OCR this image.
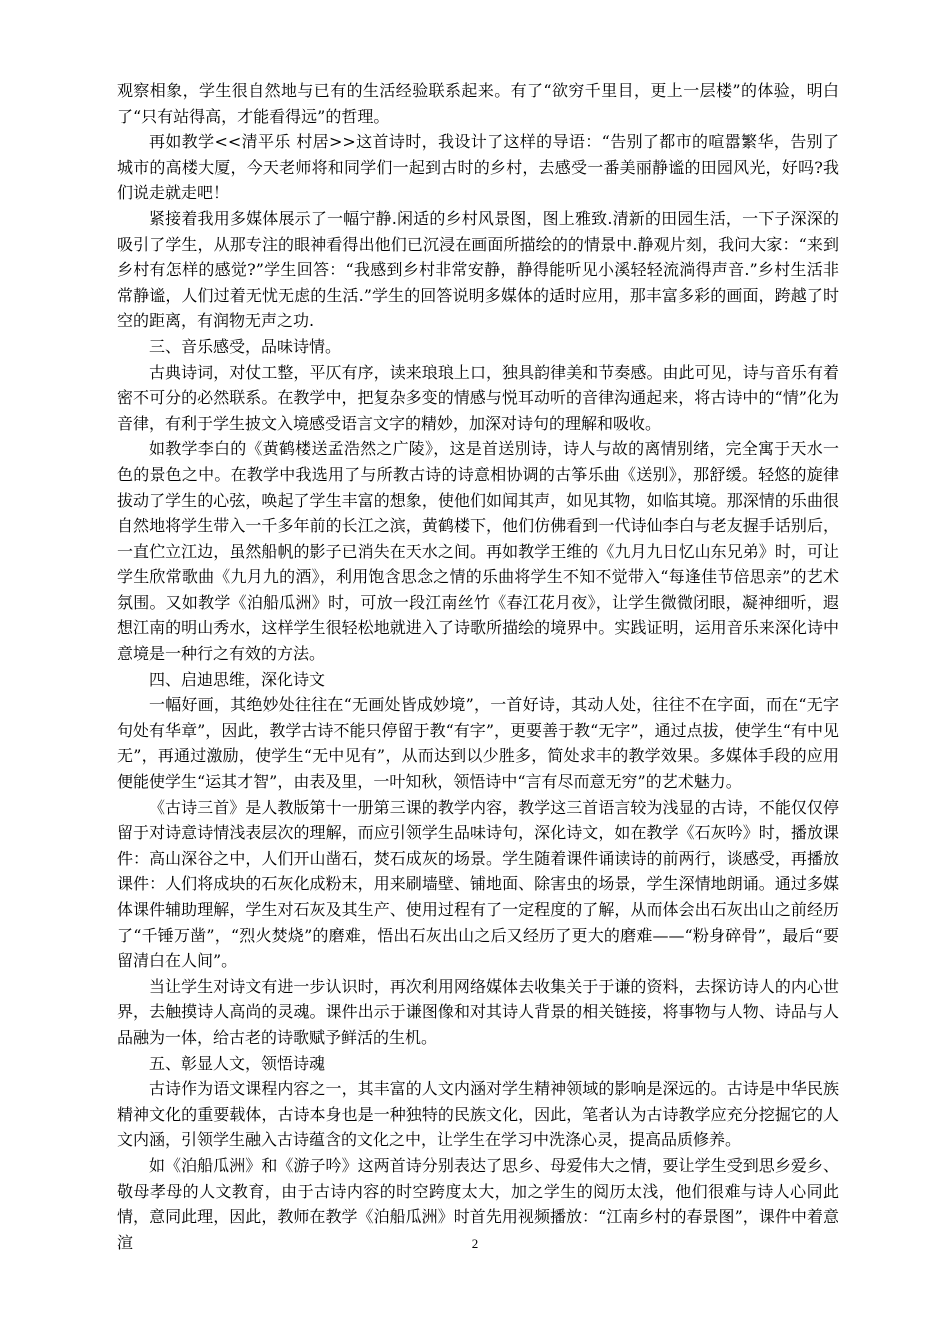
观察相象，学生很自然地与已有的生活经验联系起来。有了“欲穷千里目，更上一层楼”的体验，明白了“只有站得高，才能看得远”的哲理。

再如教学<<清平乐 村居>>这首诗时，我设计了这样的导语：“告别了都市的喧嚣繁华，告别了城市的高楼大厦，今天老师将和同学们一起到古时的乡村，去感受一番美丽静谧的田园风光，好吗?我们说走就走吧！

紧接着我用多媒体展示了一幅宁静.闲适的乡村风景图，图上雅致.清新的田园生活，一下子深深的吸引了学生，从那专注的眼神看得出他们已沉浸在画面所描绘的的情景中.静观片刻，我问大家：“来到乡村有怎样的感觉?”学生回答：“我感到乡村非常安静，静得能听见小溪轻轻流淌得声音.”乡村生活非常静谧，人们过着无忧无虑的生活.”学生的回答说明多媒体的适时应用，那丰富多彩的画面，跨越了时空的距离，有润物无声之功.

三、音乐感受，品味诗情。

古典诗词，对仗工整，平仄有序，读来琅琅上口，独具韵律美和节奏感。由此可见，诗与音乐有着密不可分的必然联系。在教学中，把复杂多变的情感与悦耳动听的音律沟通起来，将古诗中的“情”化为音律，有利于学生披文入境感受语言文字的精妙，加深对诗句的理解和吸收。

如教学李白的《黄鹤楼送孟浩然之广陵》，这是首送別诗，诗人与故的离情别绪，完全寓于天水一色的景色之中。在教学中我选用了与所教古诗的诗意相协调的古筝乐曲《送别》，那舒缓。轻悠的旋律拔动了学生的心弦，唤起了学生丰富的想象，使他们如闻其声，如见其物，如临其境。那深情的乐曲很自然地将学生带入一千多年前的长江之滨，黄鹤楼下，他们仿佛看到一代诗仙李白与老友握手话别后，一直伫立江边，虽然船帆的影子已消失在天水之间。再如教学王维的《九月九日忆山东兄弟》时，可让学生欣常歌曲《九月九的酒》，利用饱含思念之情的乐曲将学生不知不觉带入“每逢佳节倍思亲”的艺术氛围。又如教学《泊船瓜洲》时，可放一段江南丝竹《春江花月夜》，让学生微微闭眼，凝神细听，遐想江南的明山秀水，这样学生很轻松地就进入了诗歌所描绘的境界中。实践证明，运用音乐来深化诗中意境是一种行之有效的方法。

四、启迪思维，深化诗文

一幅好画，其绝妙处往往在“无画处皆成妙境”，一首好诗，其动人处，往往不在字面，而在“无字句处有华章”，因此，教学古诗不能只停留于教“有字”，更要善于教“无字”，通过点拔，使学生“有中见无”，再通过激励，使学生“无中见有”，从而达到以少胜多，简处求丰的教学效果。多媒体手段的应用便能使学生“运其才智”，由表及里，一叶知秋，领悟诗中“言有尽而意无穷”的艺术魅力。

《古诗三首》是人教版第十一册第三课的教学内容，教学这三首语言较为浅显的古诗，不能仅仅停留于对诗意诗情浅表层次的理解，而应引领学生品味诗句，深化诗文，如在教学《石灰吟》时，播放课件：高山深谷之中，人们开山凿石，焚石成灰的场景。学生随着课件诵读诗的前两行，谈感受，再播放课件：人们将成块的石灰化成粉末，用来刷墙壁、铺地面、除害虫的场景，学生深情地朗诵。通过多媒体课件辅助理解，学生对石灰及其生产、使用过程有了一定程度的了解，从而体会出石灰出山之前经历了“千锤万凿”，“烈火焚烧”的磨难，悟出石灰出山之后又经历了更大的磨难——“粉身碎骨”，最后“要留清白在人间”。

当让学生对诗文有进一步认识时，再次利用网络媒体去收集关于于谦的资料，去探访诗人的内心世界，去触摸诗人高尚的灵魂。课件出示于谦图像和对其诗人背景的相关链接，将事物与人物、诗品与人品融为一体，给古老的诗歌赋予鲜活的生机。

五、彰显人文，领悟诗魂

古诗作为语文课程内容之一，其丰富的人文内涵对学生精神领域的影响是深远的。古诗是中华民族精神文化的重要载体，古诗本身也是一种独特的民族文化，因此，笔者认为古诗教学应充分挖掘它的人文内涵，引领学生融入古诗蕴含的文化之中，让学生在学习中洗涤心灵，提高品质修养。

如《泊船瓜洲》和《游子吟》这两首诗分别表达了思乡、母爱伟大之情，要让学生受到思乡爱乡、敬母孝母的人文教育，由于古诗内容的时空跨度太大，加之学生的阅历太浅，他们很难与诗人心同此情，意同此理，因此，教师在教学《泊船瓜洲》时首先用视频播放：“江南乡村的春景图”，课件中着意渲	2
